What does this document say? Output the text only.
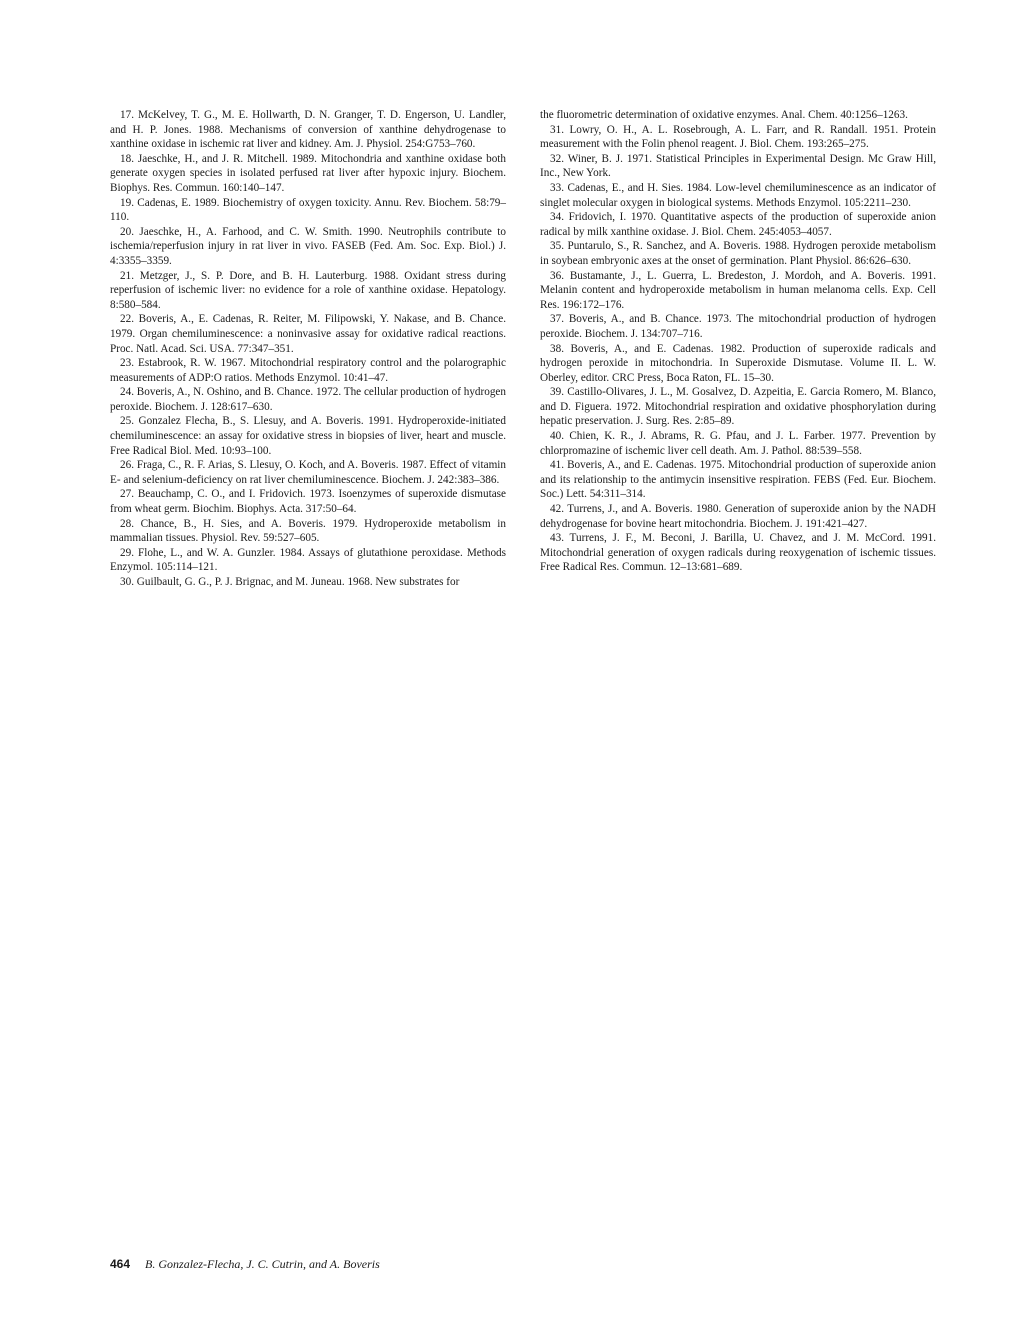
17. McKelvey, T. G., M. E. Hollwarth, D. N. Granger, T. D. Engerson, U. Landler, and H. P. Jones. 1988. Mechanisms of conversion of xanthine dehydrogenase to xanthine oxidase in ischemic rat liver and kidney. Am. J. Physiol. 254:G753–760.

18. Jaeschke, H., and J. R. Mitchell. 1989. Mitochondria and xanthine oxidase both generate oxygen species in isolated perfused rat liver after hypoxic injury. Biochem. Biophys. Res. Commun. 160:140–147.

19. Cadenas, E. 1989. Biochemistry of oxygen toxicity. Annu. Rev. Biochem. 58:79–110.

20. Jaeschke, H., A. Farhood, and C. W. Smith. 1990. Neutrophils contribute to ischemia/reperfusion injury in rat liver in vivo. FASEB (Fed. Am. Soc. Exp. Biol.) J. 4:3355–3359.

21. Metzger, J., S. P. Dore, and B. H. Lauterburg. 1988. Oxidant stress during reperfusion of ischemic liver: no evidence for a role of xanthine oxidase. Hepatology. 8:580–584.

22. Boveris, A., E. Cadenas, R. Reiter, M. Filipowski, Y. Nakase, and B. Chance. 1979. Organ chemiluminescence: a noninvasive assay for oxidative radical reactions. Proc. Natl. Acad. Sci. USA. 77:347–351.

23. Estabrook, R. W. 1967. Mitochondrial respiratory control and the polarographic measurements of ADP:O ratios. Methods Enzymol. 10:41–47.

24. Boveris, A., N. Oshino, and B. Chance. 1972. The cellular production of hydrogen peroxide. Biochem. J. 128:617–630.

25. Gonzalez Flecha, B., S. Llesuy, and A. Boveris. 1991. Hydroperoxide-initiated chemiluminescence: an assay for oxidative stress in biopsies of liver, heart and muscle. Free Radical Biol. Med. 10:93–100.

26. Fraga, C., R. F. Arias, S. Llesuy, O. Koch, and A. Boveris. 1987. Effect of vitamin E- and selenium-deficiency on rat liver chemiluminescence. Biochem. J. 242:383–386.

27. Beauchamp, C. O., and I. Fridovich. 1973. Isoenzymes of superoxide dismutase from wheat germ. Biochim. Biophys. Acta. 317:50–64.

28. Chance, B., H. Sies, and A. Boveris. 1979. Hydroperoxide metabolism in mammalian tissues. Physiol. Rev. 59:527–605.

29. Flohe, L., and W. A. Gunzler. 1984. Assays of glutathione peroxidase. Methods Enzymol. 105:114–121.

30. Guilbault, G. G., P. J. Brignac, and M. Juneau. 1968. New substrates for

the fluorometric determination of oxidative enzymes. Anal. Chem. 40:1256–1263.

31. Lowry, O. H., A. L. Rosebrough, A. L. Farr, and R. Randall. 1951. Protein measurement with the Folin phenol reagent. J. Biol. Chem. 193:265–275.

32. Winer, B. J. 1971. Statistical Principles in Experimental Design. Mc Graw Hill, Inc., New York.

33. Cadenas, E., and H. Sies. 1984. Low-level chemiluminescence as an indicator of singlet molecular oxygen in biological systems. Methods Enzymol. 105:2211–230.

34. Fridovich, I. 1970. Quantitative aspects of the production of superoxide anion radical by milk xanthine oxidase. J. Biol. Chem. 245:4053–4057.

35. Puntarulo, S., R. Sanchez, and A. Boveris. 1988. Hydrogen peroxide metabolism in soybean embryonic axes at the onset of germination. Plant Physiol. 86:626–630.

36. Bustamante, J., L. Guerra, L. Bredeston, J. Mordoh, and A. Boveris. 1991. Melanin content and hydroperoxide metabolism in human melanoma cells. Exp. Cell Res. 196:172–176.

37. Boveris, A., and B. Chance. 1973. The mitochondrial production of hydrogen peroxide. Biochem. J. 134:707–716.

38. Boveris, A., and E. Cadenas. 1982. Production of superoxide radicals and hydrogen peroxide in mitochondria. In Superoxide Dismutase. Volume II. L. W. Oberley, editor. CRC Press, Boca Raton, FL. 15–30.

39. Castillo-Olivares, J. L., M. Gosalvez, D. Azpeitia, E. Garcia Romero, M. Blanco, and D. Figuera. 1972. Mitochondrial respiration and oxidative phosphorylation during hepatic preservation. J. Surg. Res. 2:85–89.

40. Chien, K. R., J. Abrams, R. G. Pfau, and J. L. Farber. 1977. Prevention by chlorpromazine of ischemic liver cell death. Am. J. Pathol. 88:539–558.

41. Boveris, A., and E. Cadenas. 1975. Mitochondrial production of superoxide anion and its relationship to the antimycin insensitive respiration. FEBS (Fed. Eur. Biochem. Soc.) Lett. 54:311–314.

42. Turrens, J., and A. Boveris. 1980. Generation of superoxide anion by the NADH dehydrogenase for bovine heart mitochondria. Biochem. J. 191:421–427.

43. Turrens, J. F., M. Beconi, J. Barilla, U. Chavez, and J. M. McCord. 1991. Mitochondrial generation of oxygen radicals during reoxygenation of ischemic tissues. Free Radical Res. Commun. 12–13:681–689.

464 B. Gonzalez-Flecha, J. C. Cutrin, and A. Boveris
